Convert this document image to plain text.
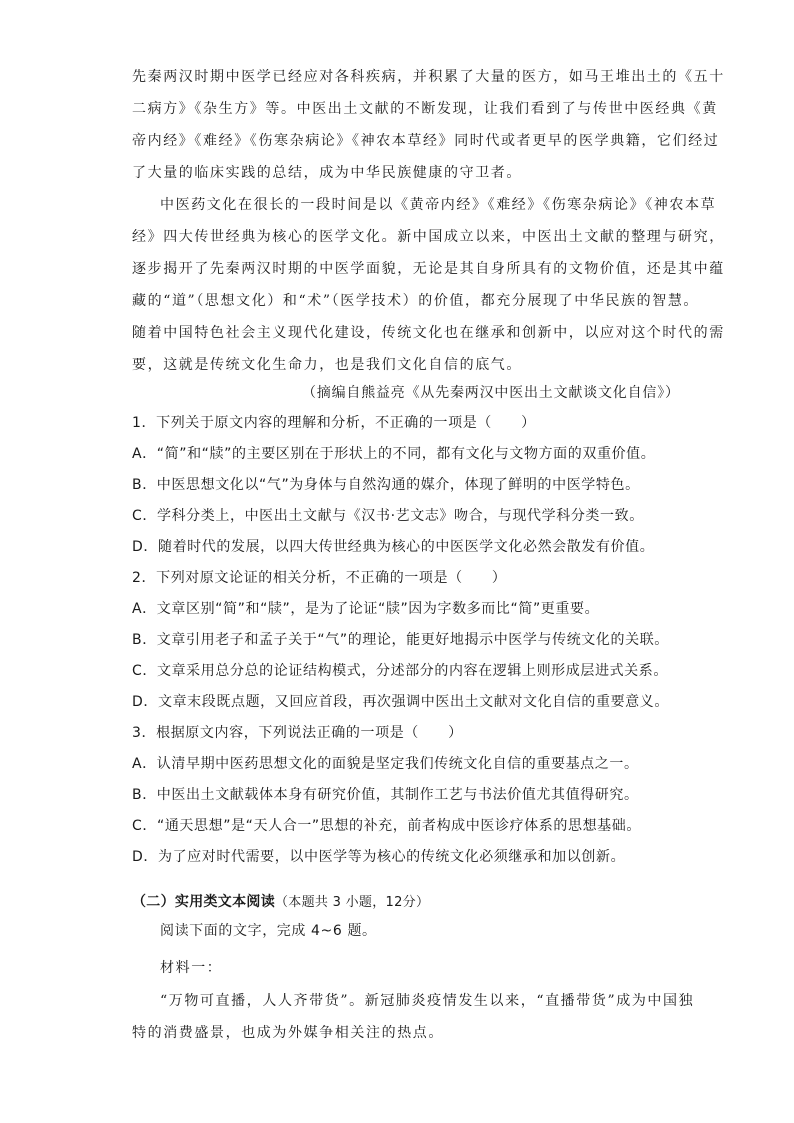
先秦两汉时期中医学已经应对各科疾病，并积累了大量的医方，如马王堆出土的《五十
二病方》《杂生方》等。中医出土文献的不断发现，让我们看到了与传世中医经典《黄
帝内经》《难经》《伤寒杂病论》《神农本草经》同时代或者更早的医学典籍，它们经过
了大量的临床实践的总结，成为中华民族健康的守卫者。
中医药文化在很长的一段时间是以《黄帝内经》《难经》《伤寒杂病论》《神农本草
经》四大传世经典为核心的医学文化。新中国成立以来，中医出土文献的整理与研究，
逐步揭开了先秦两汉时期的中医学面貌，无论是其自身所具有的文物价值，还是其中蕴
藏的“道”（思想文化）和“术”（医学技术）的价值，都充分展现了中华民族的智慧。
随着中国特色社会主义现代化建设，传统文化也在继承和创新中，以应对这个时代的需
要，这就是传统文化生命力，也是我们文化自信的底气。
（摘编自熊益亮《从先秦两汉中医出土文献谈文化自信》）
1．下列关于原文内容的理解和分析，不正确的一项是（　　）
A．“简”和“牍”的主要区别在于形状上的不同，都有文化与文物方面的双重价值。
B．中医思想文化以“气”为身体与自然沟通的媒介，体现了鲜明的中医学特色。
C．学科分类上，中医出土文献与《汉书·艺文志》吻合，与现代学科分类一致。
D．随着时代的发展，以四大传世经典为核心的中医医学文化必然会散发有价值。
2．下列对原文论证的相关分析，不正确的一项是（　　）
A．文章区别“简”和“牍”，是为了论证“牍”因为字数多而比“简”更重要。
B．文章引用老子和孟子关于“气”的理论，能更好地揭示中医学与传统文化的关联。
C．文章采用总分总的论证结构模式，分述部分的内容在逻辑上则形成层进式关系。
D．文章末段既点题，又回应首段，再次强调中医出土文献对文化自信的重要意义。
3．根据原文内容，下列说法正确的一项是（　　）
A．认清早期中医药思想文化的面貌是坚定我们传统文化自信的重要基点之一。
B．中医出土文献载体本身有研究价值，其制作工艺与书法价值尤其值得研究。
C．“通天思想”是“天人合一”思想的补充，前者构成中医诊疗体系的思想基础。
D．为了应对时代需要，以中医学等为核心的传统文化必须继承和加以创新。
（二）实用类文本阅读（本题共 3 小题，12分）
阅读下面的文字，完成 4~6 题。
材料一：
“万物可直播，人人齐带货”。新冠肺炎疫情发生以来，“直播带货”成为中国独
特的消费盛景，也成为外媒争相关注的热点。
